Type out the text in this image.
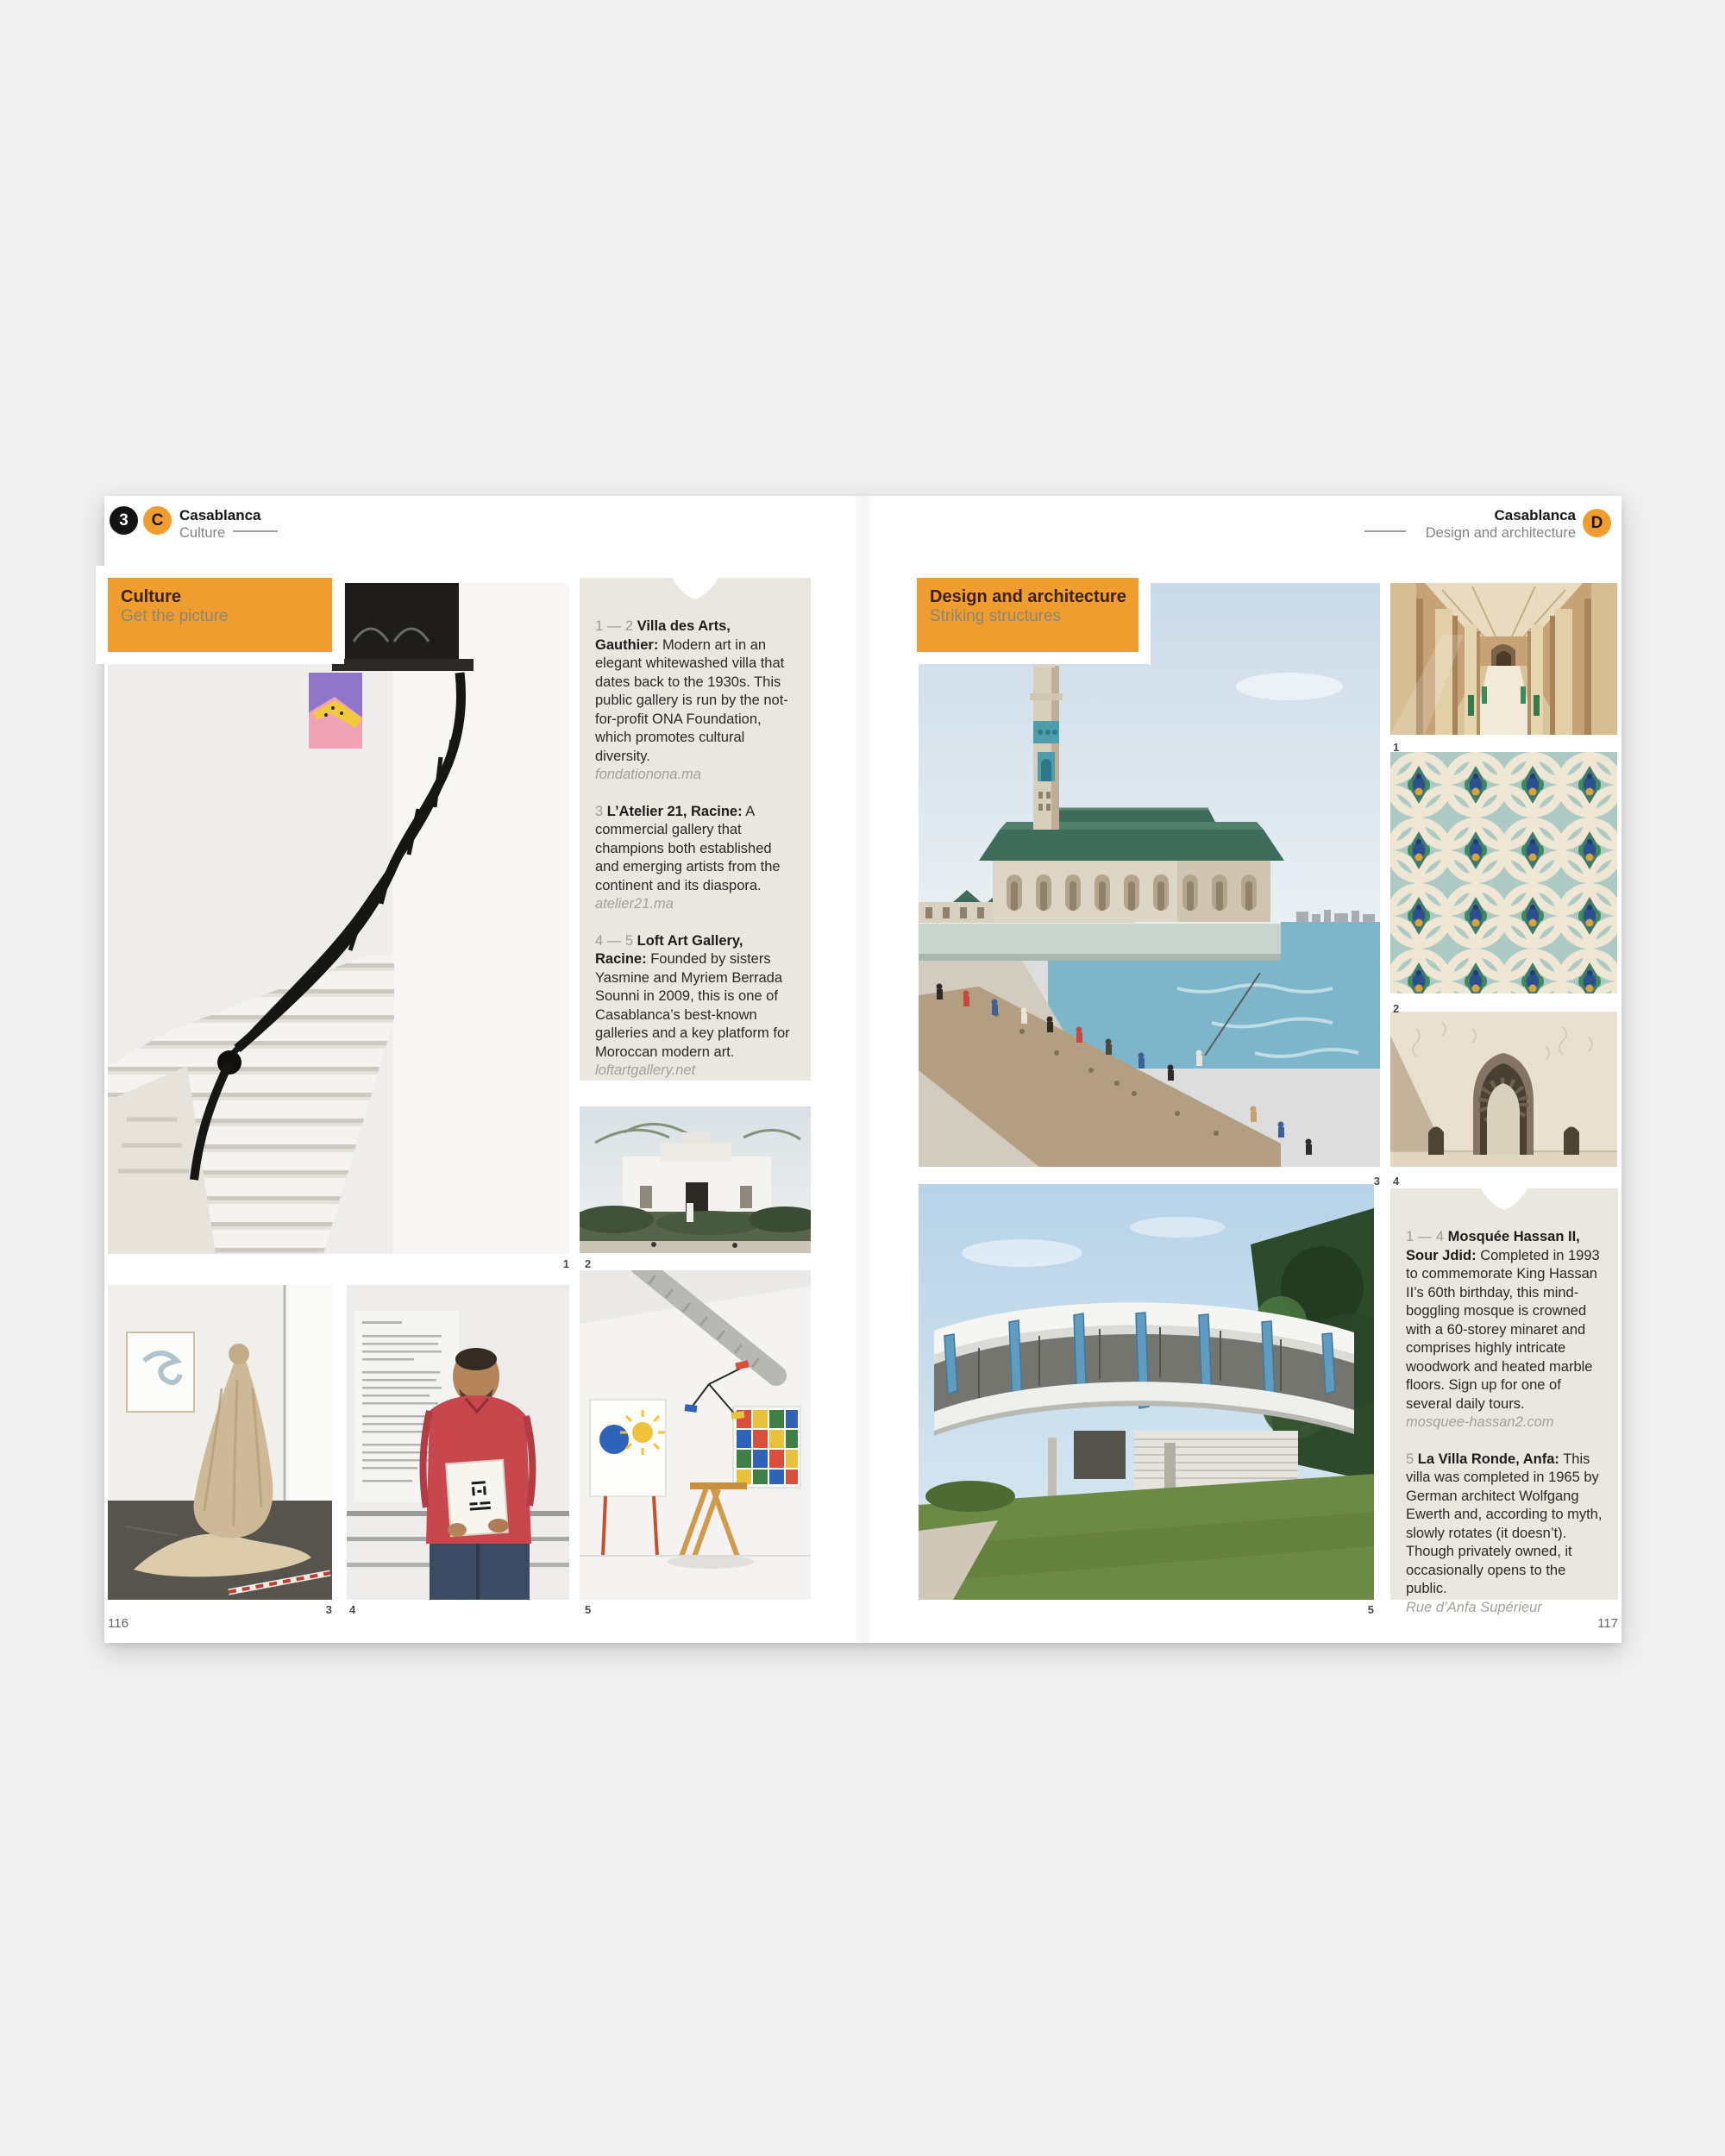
3 C Casablanca
Culture
Casablanca
Design and architecture
D
Culture
Get the picture

1 — 2 Villa des Arts, Gauthier: Modern art in an elegant whitewashed villa that dates back to the 1930s. This public gallery is run by the not-for-profit ONA Foundation, which promotes cultural diversity.
fondationona.ma

3 L’Atelier 21, Racine: A commercial gallery that champions both established and emerging artists from the continent and its diaspora.
atelier21.ma

4 — 5 Loft Art Gallery, Racine: Founded by sisters Yasmine and Myriem Berrada Sounni in 2009, this is one of Casablanca’s best-known galleries and a key platform for Moroccan modern art.
loftartgallery.net

1 2
3 4	5
116
Design and architecture
Striking structures

1 — 4 Mosquée Hassan II, Sour Jdid: Completed in 1993 to commemorate King Hassan II’s 60th birthday, this mind-boggling mosque is crowned with a 60-storey minaret and comprises highly intricate woodwork and heated marble floors. Sign up for one of several daily tours.
mosquee-hassan2.com

5 La Villa Ronde, Anfa: This villa was completed in 1965 by German architect Wolfgang Ewerth and, according to myth, slowly rotates (it doesn’t). Though privately owned, it occasionally opens to the public.
Rue d’Anfa Supérieur

1
2
3 4
5
117
